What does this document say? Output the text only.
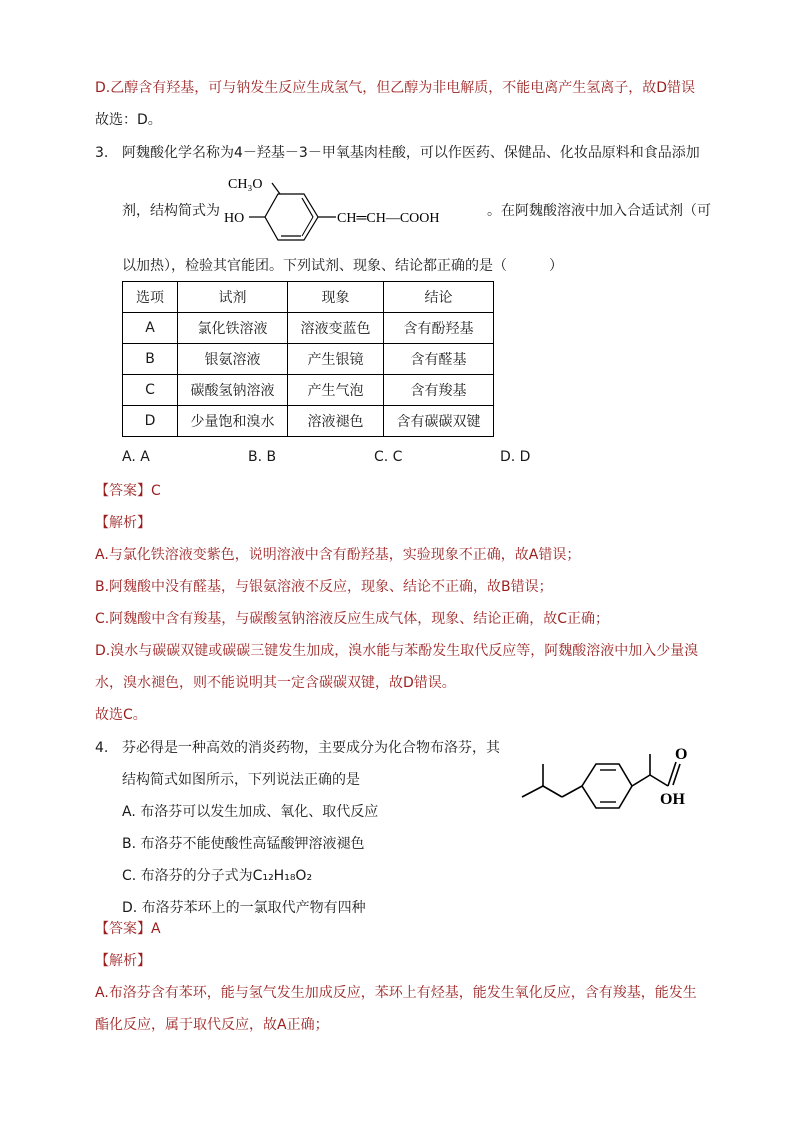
D.乙醇含有羟基，可与钠发生反应生成氢气，但乙醇为非电解质，不能电离产生氢离子，故D错误
故选：D。
3. 阿魏酸化学名称为4－羟基－3－甲氧基肉桂酸，可以作医药、保健品、化妆品原料和食品添加
剂，结构简式为
CH₃O
HO	CH═CH—COOH	。在阿魏酸溶液中加入合适试剂（可
以加热），检验其官能团。下列试剂、现象、结论都正确的是（　　　）
选项	试剂	现象	结论
A	氯化铁溶液	溶液变蓝色	含有酚羟基
B	银氨溶液	产生银镜	含有醛基
C	碳酸氢钠溶液	产生气泡	含有羧基
D	少量饱和溴水	溶液褪色	含有碳碳双键
A. A	B. B	C. C	D. D
【答案】C
【解析】
A.与氯化铁溶液变紫色，说明溶液中含有酚羟基，实验现象不正确，故A错误；
B.阿魏酸中没有醛基，与银氨溶液不反应，现象、结论不正确，故B错误；
C.阿魏酸中含有羧基，与碳酸氢钠溶液反应生成气体，现象、结论正确，故C正确；
D.溴水与碳碳双键或碳碳三键发生加成，溴水能与苯酚发生取代反应等，阿魏酸溶液中加入少量溴
水，溴水褪色，则不能说明其一定含碳碳双键，故D错误。
故选C。
4. 芬必得是一种高效的消炎药物，主要成分为化合物布洛芬，其
结构简式如图所示，下列说法正确的是
A. 布洛芬可以发生加成、氧化、取代反应
B. 布洛芬不能使酸性高锰酸钾溶液褪色
C. 布洛芬的分子式为C₁₂H₁₈O₂
D. 布洛芬苯环上的一氯取代产物有四种
O
OH
【答案】A
【解析】
A.布洛芬含有苯环，能与氢气发生加成反应，苯环上有烃基，能发生氧化反应，含有羧基，能发生
酯化反应，属于取代反应，故A正确；
